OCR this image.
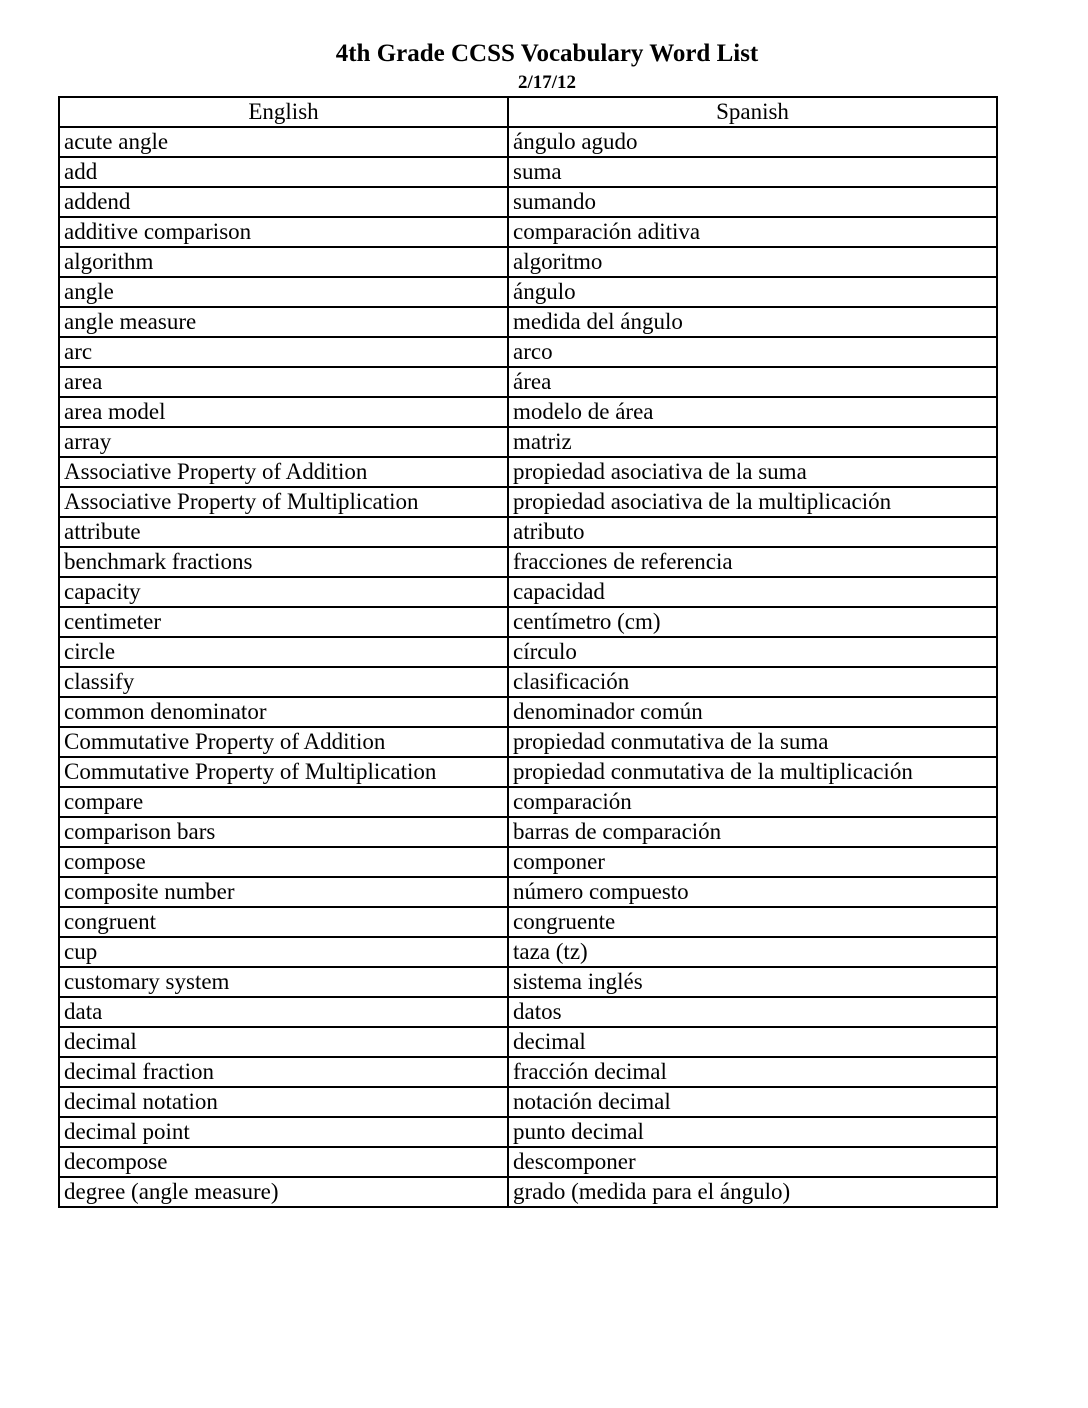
4th Grade CCSS Vocabulary Word List
2/17/12
English	Spanish
acute angle	ángulo agudo
add	suma
addend	sumando
additive comparison	comparación aditiva
algorithm	algoritmo
angle	ángulo
angle measure	medida del ángulo
arc	arco
area	área
area model	modelo de área
array	matriz
Associative Property of Addition	propiedad asociativa de la suma
Associative Property of Multiplication	propiedad asociativa de la multiplicación
attribute	atributo
benchmark fractions	fracciones de referencia
capacity	capacidad
centimeter	centímetro (cm)
circle	círculo
classify	clasificación
common denominator	denominador común
Commutative Property of Addition	propiedad conmutativa de la suma
Commutative Property of Multiplication	propiedad conmutativa de la multiplicación
compare	comparación
comparison bars	barras de comparación
compose	componer
composite number	número compuesto
congruent	congruente
cup	taza (tz)
customary system	sistema inglés
data	datos
decimal	decimal
decimal fraction	fracción decimal
decimal notation	notación decimal
decimal point	punto decimal
decompose	descomponer
degree (angle measure)	grado (medida para el ángulo)
